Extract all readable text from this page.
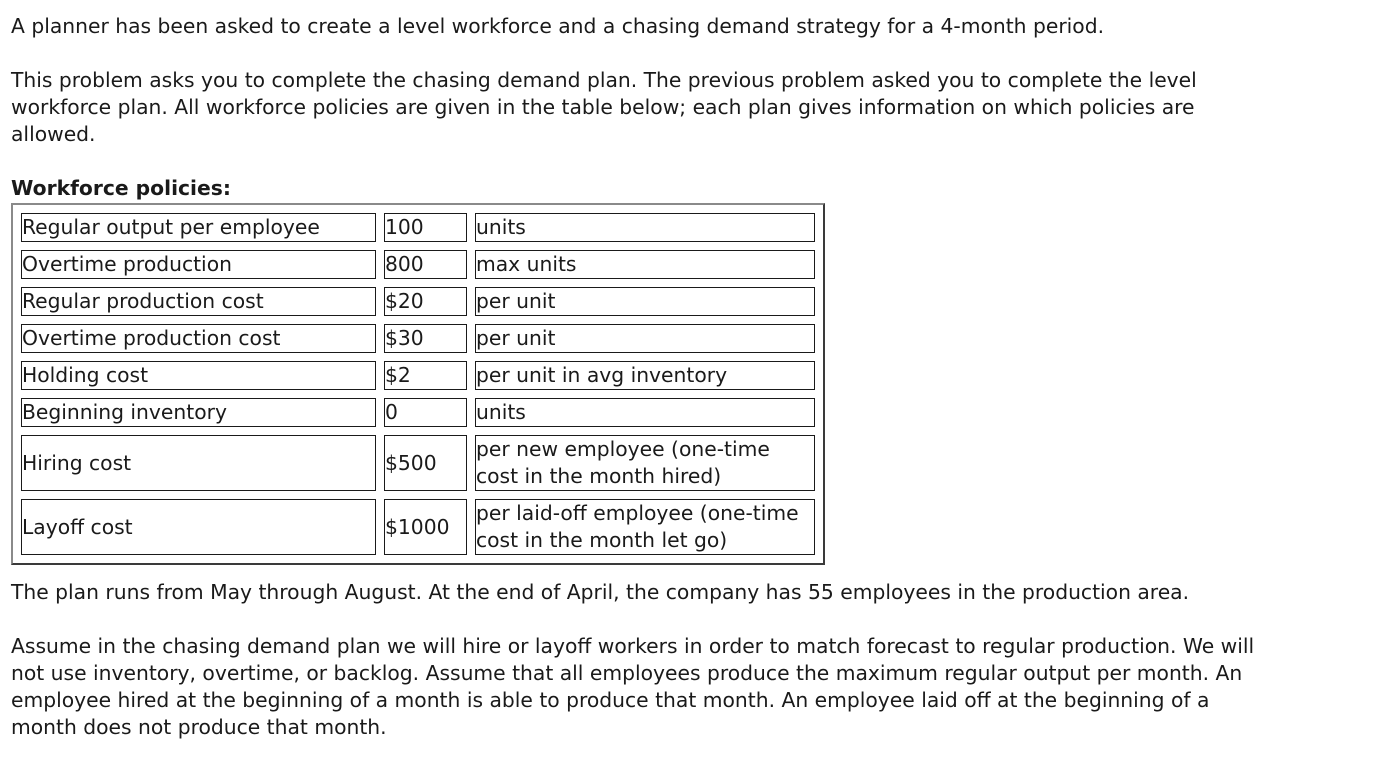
A planner has been asked to create a level workforce and a chasing demand strategy for a 4-month period.

This problem asks you to complete the chasing demand plan. The previous problem asked you to complete the level workforce plan. All workforce policies are given in the table below; each plan gives information on which policies are allowed.

Workforce policies:

Regular output per employee	100	units
Overtime production	800	max units
Regular production cost	$20	per unit
Overtime production cost	$30	per unit
Holding cost	$2	per unit in avg inventory
Beginning inventory	0	units
Hiring cost	$500	per new employee (one-time cost in the month hired)
Layoff cost	$1000	per laid-off employee (one-time cost in the month let go)

The plan runs from May through August. At the end of April, the company has 55 employees in the production area.

Assume in the chasing demand plan we will hire or layoff workers in order to match forecast to regular production. We will not use inventory, overtime, or backlog. Assume that all employees produce the maximum regular output per month. An employee hired at the beginning of a month is able to produce that month. An employee laid off at the beginning of a month does not produce that month.
